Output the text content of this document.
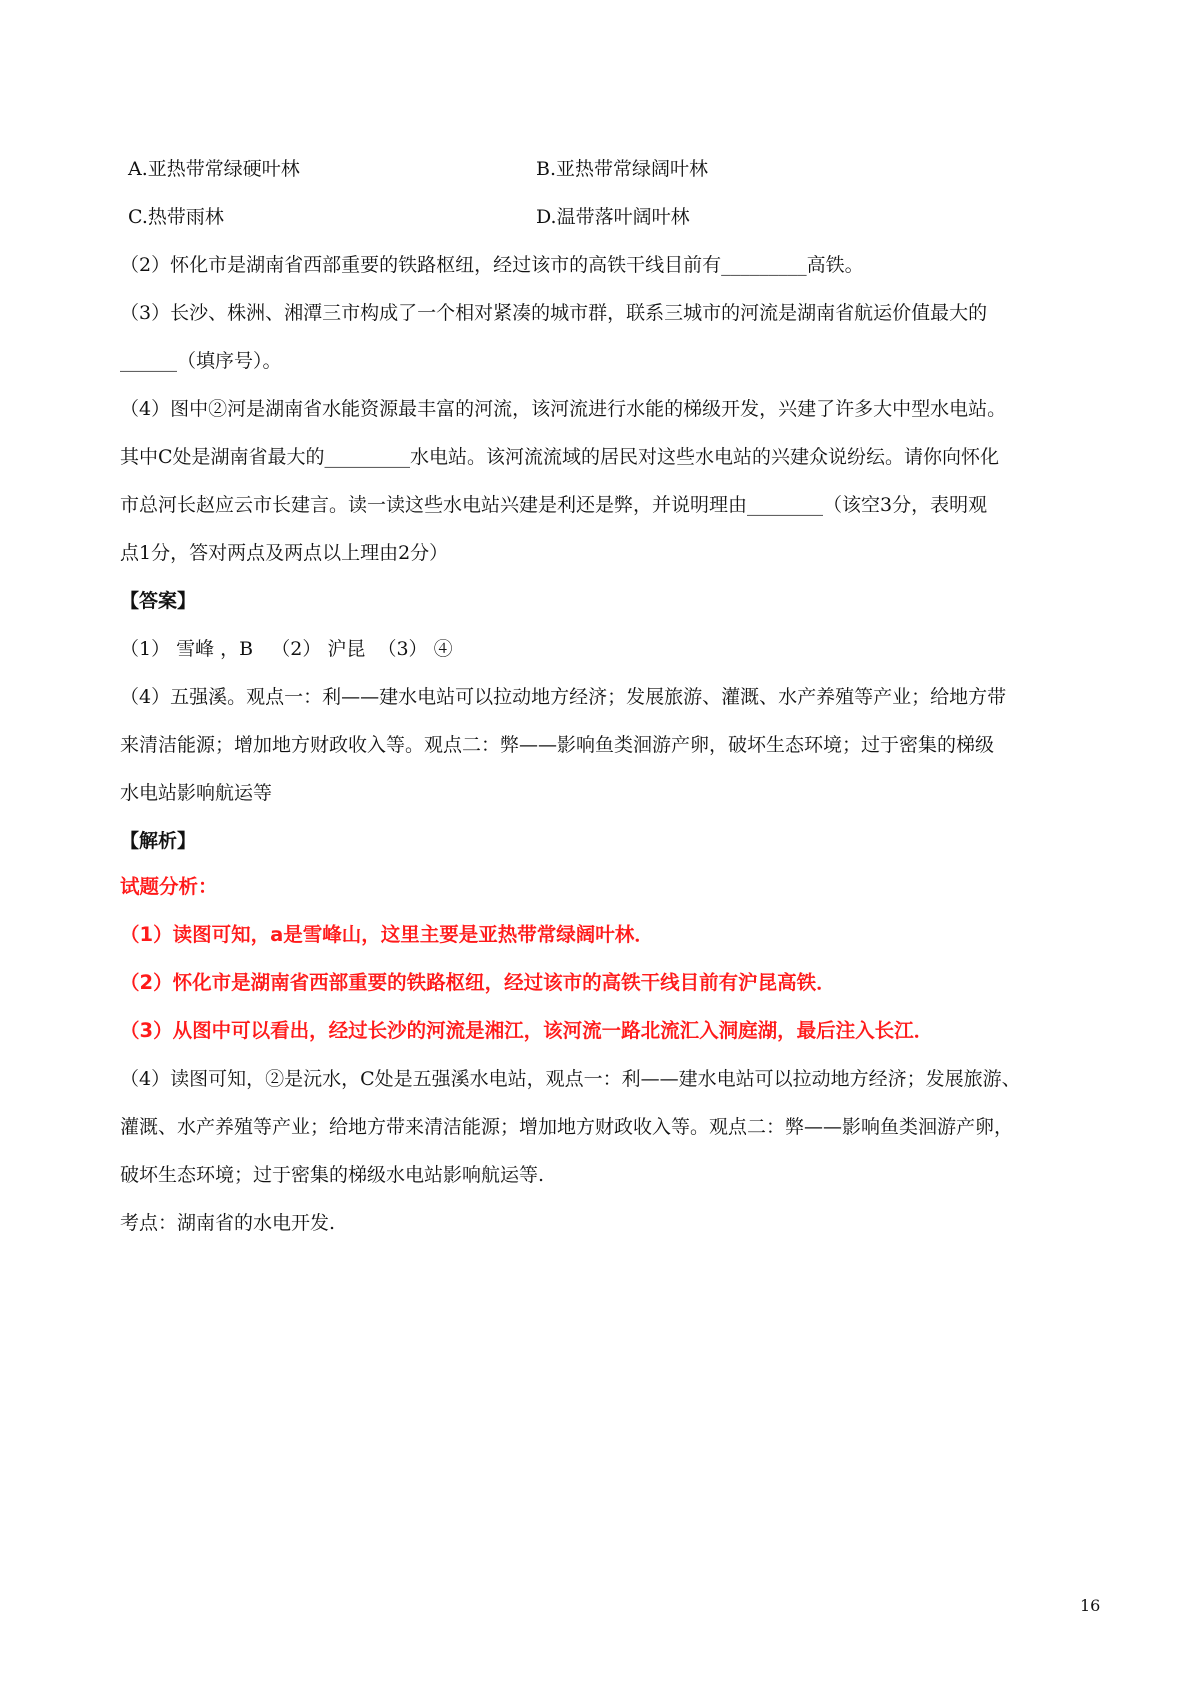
A.亚热带常绿硬叶林	B.亚热带常绿阔叶林
C.热带雨林	D.温带落叶阔叶林
（2）怀化市是湖南省西部重要的铁路枢纽，经过该市的高铁干线目前有_________高铁。
（3）长沙、株洲、湘潭三市构成了一个相对紧凑的城市群，联系三城市的河流是湖南省航运价值最大的
______（填序号）。
（4）图中②河是湖南省水能资源最丰富的河流，该河流进行水能的梯级开发，兴建了许多大中型水电站。
其中C处是湖南省最大的_________水电站。该河流流域的居民对这些水电站的兴建众说纷纭。请你向怀化
市总河长赵应云市长建言。读一读这些水电站兴建是利还是弊，并说明理由________（该空3分，表明观
点1分，答对两点及两点以上理由2分）
【答案】
（1） 雪峰 ，B   （2） 沪昆  （3） ④
（4）五强溪。观点一：利——建水电站可以拉动地方经济；发展旅游、灌溉、水产养殖等产业；给地方带
来清洁能源；增加地方财政收入等。观点二：弊——影响鱼类洄游产卵，破坏生态环境；过于密集的梯级
水电站影响航运等
【解析】
试题分析：
（1）读图可知，a是雪峰山，这里主要是亚热带常绿阔叶林．
（2）怀化市是湖南省西部重要的铁路枢纽，经过该市的高铁干线目前有沪昆高铁．
（3）从图中可以看出，经过长沙的河流是湘江，该河流一路北流汇入洞庭湖，最后注入长江．
（4）读图可知，②是沅水，C处是五强溪水电站，观点一：利——建水电站可以拉动地方经济；发展旅游、
灌溉、水产养殖等产业；给地方带来清洁能源；增加地方财政收入等。观点二：弊——影响鱼类洄游产卵，
破坏生态环境；过于密集的梯级水电站影响航运等.
考点：湖南省的水电开发.
16
